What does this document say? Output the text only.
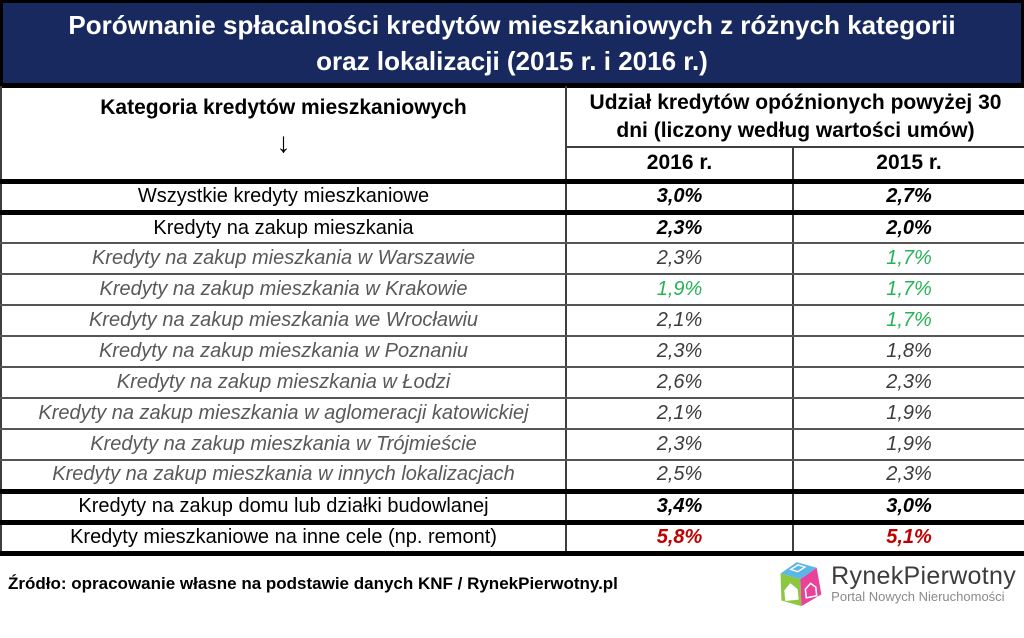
Porównanie spłacalności kredytów mieszkaniowych z różnych kategorii
oraz lokalizacji (2015 r. i 2016 r.)
Kategoria kredytów mieszkaniowych
↓	Udział kredytów opóźnionych powyżej 30 dni (liczony według wartości umów)	
	2016 r.	2015 r.
Wszystkie kredyty mieszkaniowe	3,0%	2,7%
Kredyty na zakup mieszkania	2,3%	2,0%
Kredyty na zakup mieszkania w Warszawie	2,3%	1,7%
Kredyty na zakup mieszkania w Krakowie	1,9%	1,7%
Kredyty na zakup mieszkania we Wrocławiu	2,1%	1,7%
Kredyty na zakup mieszkania w Poznaniu	2,3%	1,8%
Kredyty na zakup mieszkania w Łodzi	2,6%	2,3%
Kredyty na zakup mieszkania w aglomeracji katowickiej	2,1%	1,9%
Kredyty na zakup mieszkania w Trójmieście	2,3%	1,9%
Kredyty na zakup mieszkania w innych lokalizacjach	2,5%	2,3%
Kredyty na zakup domu lub działki budowlanej	3,4%	3,0%
Kredyty mieszkaniowe na inne cele (np. remont)	5,8%	5,1%
Źródło: opracowanie własne na podstawie danych KNF / RynekPierwotny.pl	RynekPierwotny
Portal Nowych Nieruchomości
